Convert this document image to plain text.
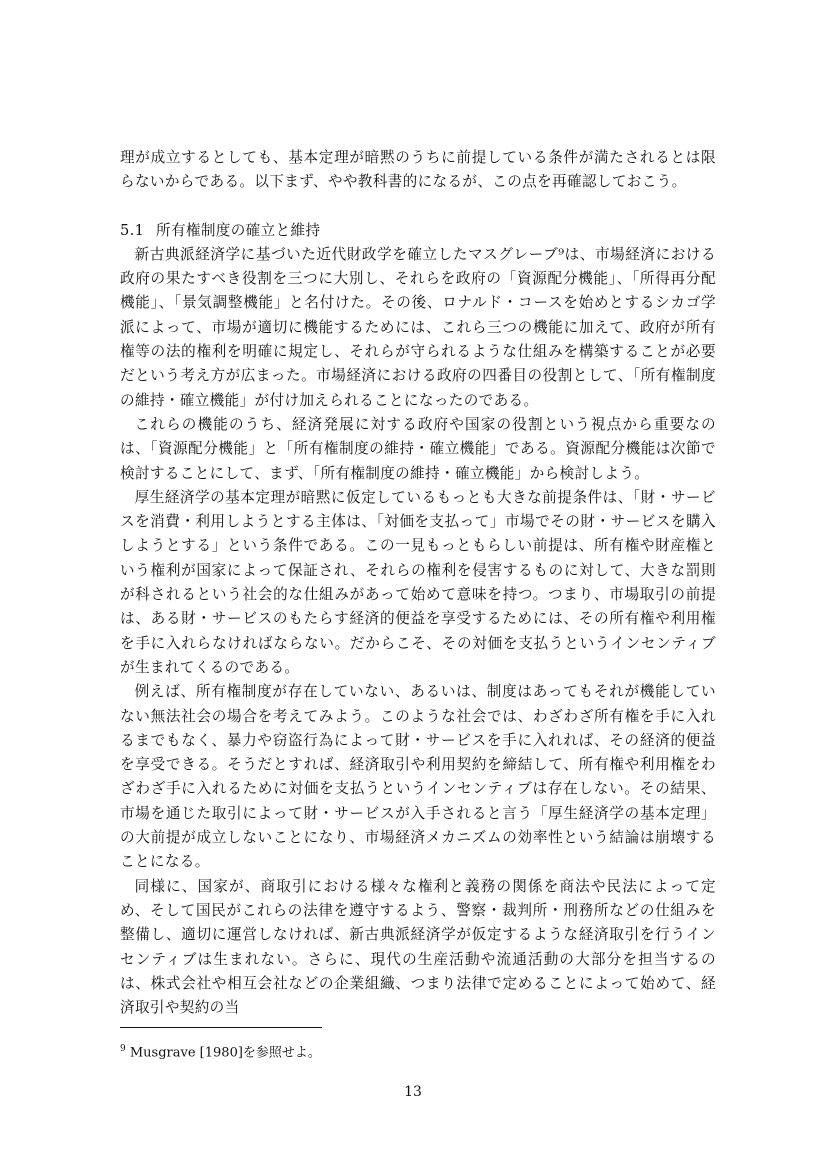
理が成立するとしても、基本定理が暗黙のうちに前提している条件が満たされるとは限らないからである。以下まず、やや教科書的になるが、この点を再確認しておこう。

5.1 所有権制度の確立と維持

新古典派経済学に基づいた近代財政学を確立したマスグレーブ⁹は、市場経済における政府の果たすべき役割を三つに大別し、それらを政府の「資源配分機能」、「所得再分配機能」、「景気調整機能」と名付けた。その後、ロナルド・コースを始めとするシカゴ学派によって、市場が適切に機能するためには、これら三つの機能に加えて、政府が所有権等の法的権利を明確に規定し、それらが守られるような仕組みを構築することが必要だという考え方が広まった。市場経済における政府の四番目の役割として、「所有権制度の維持・確立機能」が付け加えられることになったのである。

これらの機能のうち、経済発展に対する政府や国家の役割という視点から重要なのは、「資源配分機能」と「所有権制度の維持・確立機能」である。資源配分機能は次節で検討することにして、まず、「所有権制度の維持・確立機能」から検討しよう。

厚生経済学の基本定理が暗黙に仮定しているもっとも大きな前提条件は、「財・サービスを消費・利用しようとする主体は、「対価を支払って」市場でその財・サービスを購入しようとする」という条件である。この一見もっともらしい前提は、所有権や財産権という権利が国家によって保証され、それらの権利を侵害するものに対して、大きな罰則が科されるという社会的な仕組みがあって始めて意味を持つ。つまり、市場取引の前提は、ある財・サービスのもたらす経済的便益を享受するためには、その所有権や利用権を手に入れらなければならない。だからこそ、その対価を支払うというインセンティブが生まれてくるのである。

例えば、所有権制度が存在していない、あるいは、制度はあってもそれが機能していない無法社会の場合を考えてみよう。このような社会では、わざわざ所有権を手に入れるまでもなく、暴力や窃盗行為によって財・サービスを手に入れれば、その経済的便益を享受できる。そうだとすれば、経済取引や利用契約を締結して、所有権や利用権をわざわざ手に入れるために対価を支払うというインセンティブは存在しない。その結果、市場を通じた取引によって財・サービスが入手されると言う「厚生経済学の基本定理」の大前提が成立しないことになり、市場経済メカニズムの効率性という結論は崩壊することになる。

同様に、国家が、商取引における様々な権利と義務の関係を商法や民法によって定め、そして国民がこれらの法律を遵守するよう、警察・裁判所・刑務所などの仕組みを整備し、適切に運営しなければ、新古典派経済学が仮定するような経済取引を行うインセンティブは生まれない。さらに、現代の生産活動や流通活動の大部分を担当するのは、株式会社や相互会社などの企業組織、つまり法律で定めることによって始めて、経済取引や契約の当

$^9$ Musgrave [1980]を参照せよ。
13
